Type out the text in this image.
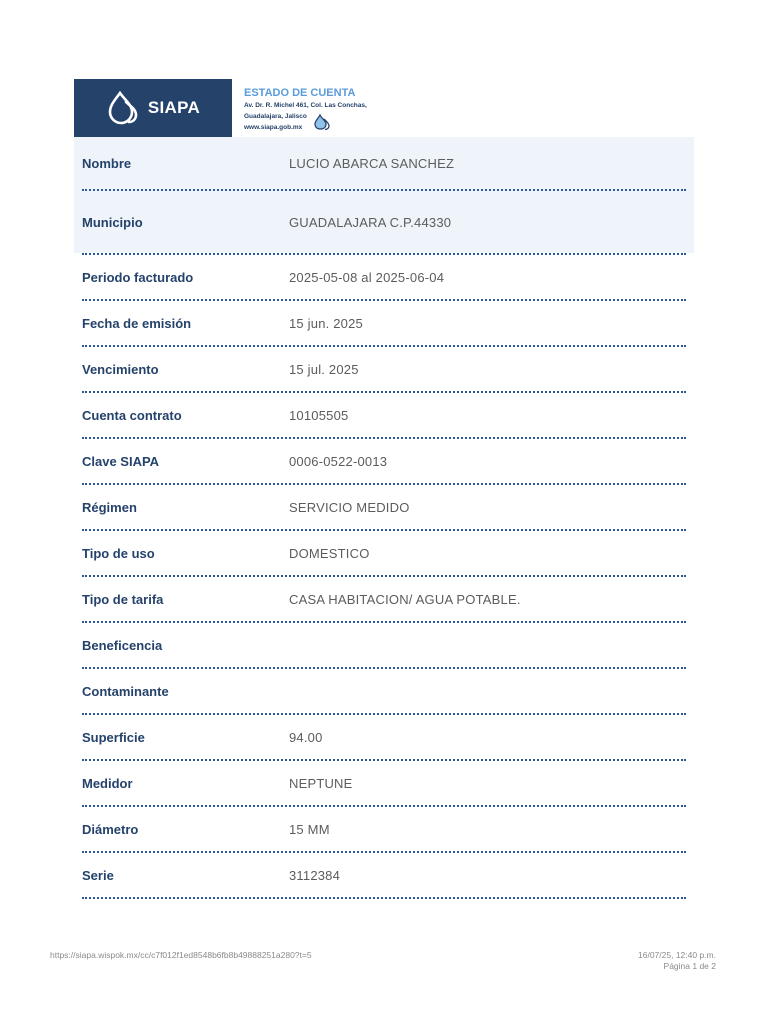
SIAPA
ESTADO DE CUENTA
Av. Dr. R. Michel 461, Col. Las Conchas,
Guadalajara, Jalisco
www.siapa.gob.mx
Nombre	LUCIO ABARCA SANCHEZ
Municipio	GUADALAJARA C.P.44330
Periodo facturado	2025-05-08 al 2025-06-04
Fecha de emisión	15 jun. 2025
Vencimiento	15 jul. 2025
Cuenta contrato	10105505
Clave SIAPA	0006-0522-0013
Régimen	SERVICIO MEDIDO
Tipo de uso	DOMESTICO
Tipo de tarifa	CASA HABITACION/ AGUA POTABLE.
Beneficencia
Contaminante
Superficie	94.00
Medidor	NEPTUNE
Diámetro	15 MM
Serie	3112384
https://siapa.wispok.mx/cc/c7f012f1ed8548b6fb8b49888251a280?t=5	16/07/25, 12:40 p.m.
Página 1 de 2
